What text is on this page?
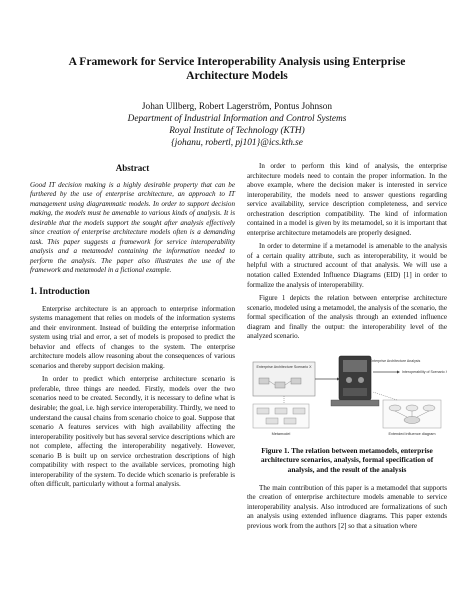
A Framework for Service Interoperability Analysis using Enterprise Architecture Models
Johan Ullberg, Robert Lagerström, Pontus Johnson
Department of Industrial Information and Control Systems
Royal Institute of Technology (KTH)
{johanu, robertl, pj101}@ics.kth.se
Abstract

Good IT decision making is a highly desirable property that can be furthered by the use of enterprise architecture, an approach to IT management using diagrammatic models. In order to support decision making, the models must be amenable to various kinds of analysis. It is desirable that the models support the sought after analysis effectively since creation of enterprise architecture models often is a demanding task. This paper suggests a framework for service interoperability analysis and a metamodel containing the information needed to perform the analysis. The paper also illustrates the use of the framework and metamodel in a fictional example.

1. Introduction

Enterprise architecture is an approach to enterprise information systems management that relies on models of the information systems and their environment. Instead of building the enterprise information system using trial and error, a set of models is proposed to predict the behavior and effects of changes to the system. The enterprise architecture models allow reasoning about the consequences of various scenarios and thereby support decision making.

In order to predict which enterprise architecture scenario is preferable, three things are needed. Firstly, models over the two scenarios need to be created. Secondly, it is necessary to define what is desirable; the goal, i.e. high service interoperability. Thirdly, we need to understand the causal chains from scenario choice to goal. Suppose that scenario A features services with high availability affecting the interoperability positively but has several service descriptions which are not complete, affecting the interoperability negatively. However, scenario B is built up on service orchestration descriptions of high compatibility with respect to the available services, promoting high interoperability of the system. To decide which scenario is preferable is often difficult, particularly without a formal analysis.

In order to perform this kind of analysis, the enterprise architecture models need to contain the proper information. In the above example, where the decision maker is interested in service interoperability, the models need to answer questions regarding service availability, service description completeness, and service orchestration description compatibility. The kind of information contained in a model is given by its metamodel, so it is important that enterprise architecture metamodels are properly designed.

In order to determine if a metamodel is amenable to the analysis of a certain quality attribute, such as interoperability, it would be helpful with a structured account of that analysis. We will use a notation called Extended Influence Diagrams (EID) [1] in order to formalize the analysis of interoperability.

Figure 1 depicts the relation between enterprise architecture scenario, modeled using a metamodel, the analysis of the scenario, the formal specification of the analysis through an extended influence diagram and finally the output: the interoperability level of the analyzed scenario.

Enterprise Architecture Scenario X
Enterprise Architecture Analysis
Interoperability of Scenario X
Metamodel	Extended influence diagram
Figure 1. The relation between metamodels, enterprise architecture scenarios, analysis, formal specification of analysis, and the result of the analysis

The main contribution of this paper is a metamodel that supports the creation of enterprise architecture models amenable to service interoperability analysis. Also introduced are formalizations of such an analysis using extended influence diagrams. This paper extends previous work from the authors [2] so that a situation where
